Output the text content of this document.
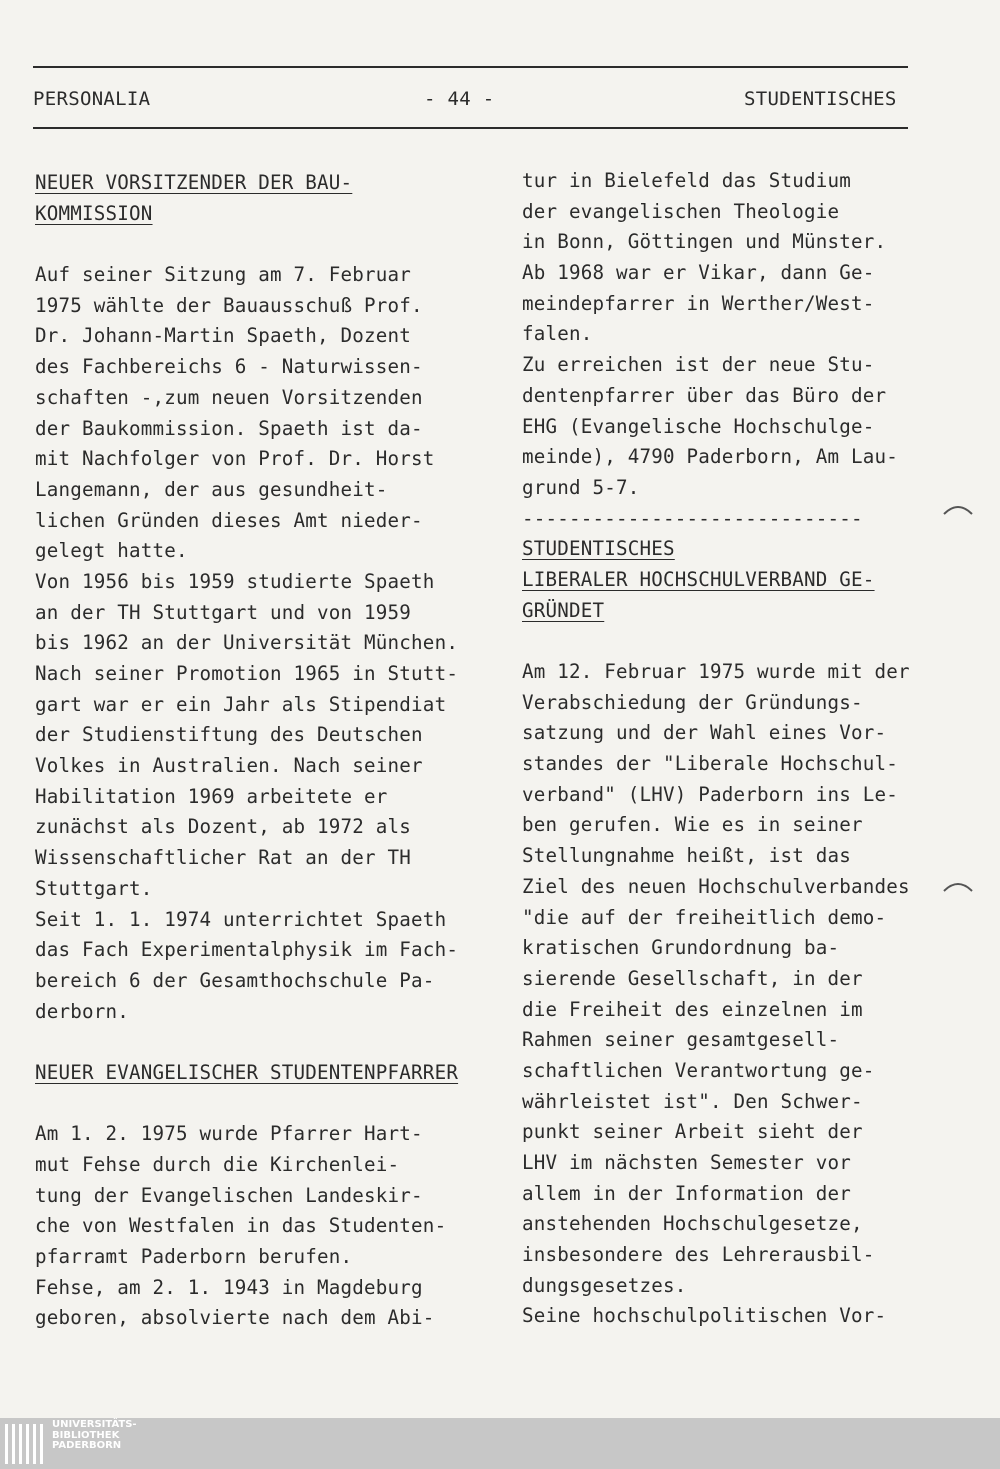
PERSONALIA	- 44 -	STUDENTISCHES
NEUER VORSITZENDER DER BAU-
KOMMISSION
Auf seiner Sitzung am 7. Februar
1975 wählte der Bauausschuß Prof.
Dr. Johann-Martin Spaeth, Dozent
des Fachbereichs 6 - Naturwissen-
schaften -,zum neuen Vorsitzenden
der Baukommission. Spaeth ist da-
mit Nachfolger von Prof. Dr. Horst
Langemann, der aus gesundheit-
lichen Gründen dieses Amt nieder-
gelegt hatte.
Von 1956 bis 1959 studierte Spaeth
an der TH Stuttgart und von 1959
bis 1962 an der Universität München.
Nach seiner Promotion 1965 in Stutt-
gart war er ein Jahr als Stipendiat
der Studienstiftung des Deutschen
Volkes in Australien. Nach seiner
Habilitation 1969 arbeitete er
zunächst als Dozent, ab 1972 als
Wissenschaftlicher Rat an der TH
Stuttgart.
Seit 1. 1. 1974 unterrichtet Spaeth
das Fach Experimentalphysik im Fach-
bereich 6 der Gesamthochschule Pa-
derborn.
NEUER EVANGELISCHER STUDENTENPFARRER
Am 1. 2. 1975 wurde Pfarrer Hart-
mut Fehse durch die Kirchenlei-
tung der Evangelischen Landeskir-
che von Westfalen in das Studenten-
pfarramt Paderborn berufen.
Fehse, am 2. 1. 1943 in Magdeburg
geboren, absolvierte nach dem Abi-
tur in Bielefeld das Studium
der evangelischen Theologie
in Bonn, Göttingen und Münster.
Ab 1968 war er Vikar, dann Ge-
meindepfarrer in Werther/West-
falen.
Zu erreichen ist der neue Stu-
dentenpfarrer über das Büro der
EHG (Evangelische Hochschulge-
meinde), 4790 Paderborn, Am Lau-
grund 5-7.
-----------------------------
STUDENTISCHES
LIBERALER HOCHSCHULVERBAND GE-
GRÜNDET
Am 12. Februar 1975 wurde mit der
Verabschiedung der Gründungs-
satzung und der Wahl eines Vor-
standes der "Liberale Hochschul-
verband" (LHV) Paderborn ins Le-
ben gerufen. Wie es in seiner
Stellungnahme heißt, ist das
Ziel des neuen Hochschulverbandes
"die auf der freiheitlich demo-
kratischen Grundordnung ba-
sierende Gesellschaft, in der
die Freiheit des einzelnen im
Rahmen seiner gesamtgesell-
schaftlichen Verantwortung ge-
währleistet ist". Den Schwer-
punkt seiner Arbeit sieht der
LHV im nächsten Semester vor
allem in der Information der
anstehenden Hochschulgesetze,
insbesondere des Lehrerausbil-
dungsgesetzes.
Seine hochschulpolitischen Vor-
UNIVERSITÄTS-
BIBLIOTHEK
PADERBORN
